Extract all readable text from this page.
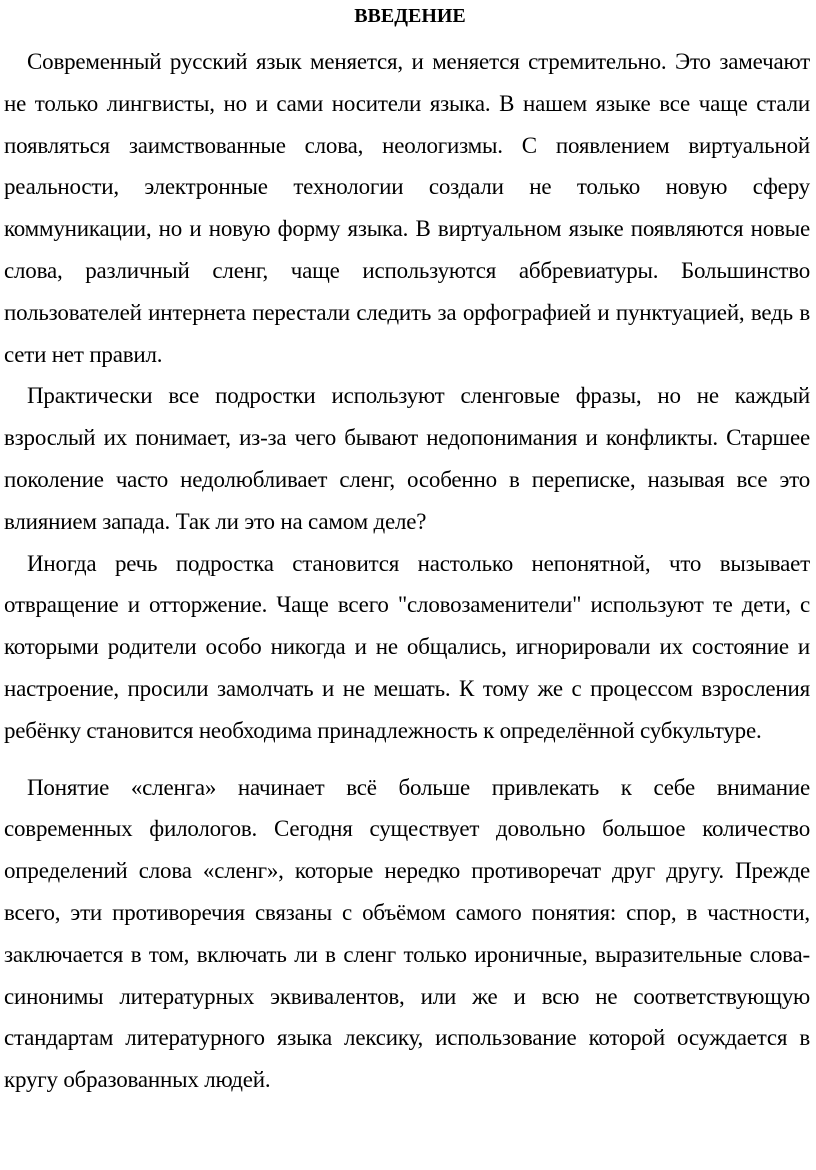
ВВЕДЕНИЕ

Современный русский язык меняется, и меняется стремительно. Это замечают не только лингвисты, но и сами носители языка. В нашем языке все чаще стали появляться заимствованные слова, неологизмы. С появлением виртуальной реальности, электронные технологии создали не только новую сферу коммуникации, но и новую форму языка. В виртуальном языке появляются новые слова, различный сленг, чаще используются аббревиатуры. Большинство пользователей интернета перестали следить за орфографией и пунктуацией, ведь в сети нет правил.

Практически все подростки используют сленговые фразы, но не каждый взрослый их понимает, из-за чего бывают недопонимания и конфликты. Старшее поколение часто недолюбливает сленг, особенно в переписке, называя все это влиянием запада. Так ли это на самом деле?

Иногда речь подростка становится настолько непонятной, что вызывает отвращение и отторжение. Чаще всего "словозаменители" используют те дети, с которыми родители особо никогда и не общались, игнорировали их состояние и настроение, просили замолчать и не мешать. К тому же с процессом взросления ребёнку становится необходима принадлежность к определённой субкультуре.

Понятие «сленга» начинает всё больше привлекать к себе внимание современных филологов. Сегодня существует довольно большое количество определений слова «сленг», которые нередко противоречат друг другу. Прежде всего, эти противоречия связаны с объёмом самого понятия: спор, в частности, заключается в том, включать ли в сленг только ироничные, выразительные слова-синонимы литературных эквивалентов, или же и всю не соответствующую стандартам литературного языка лексику, использование которой осуждается в кругу образованных людей.
